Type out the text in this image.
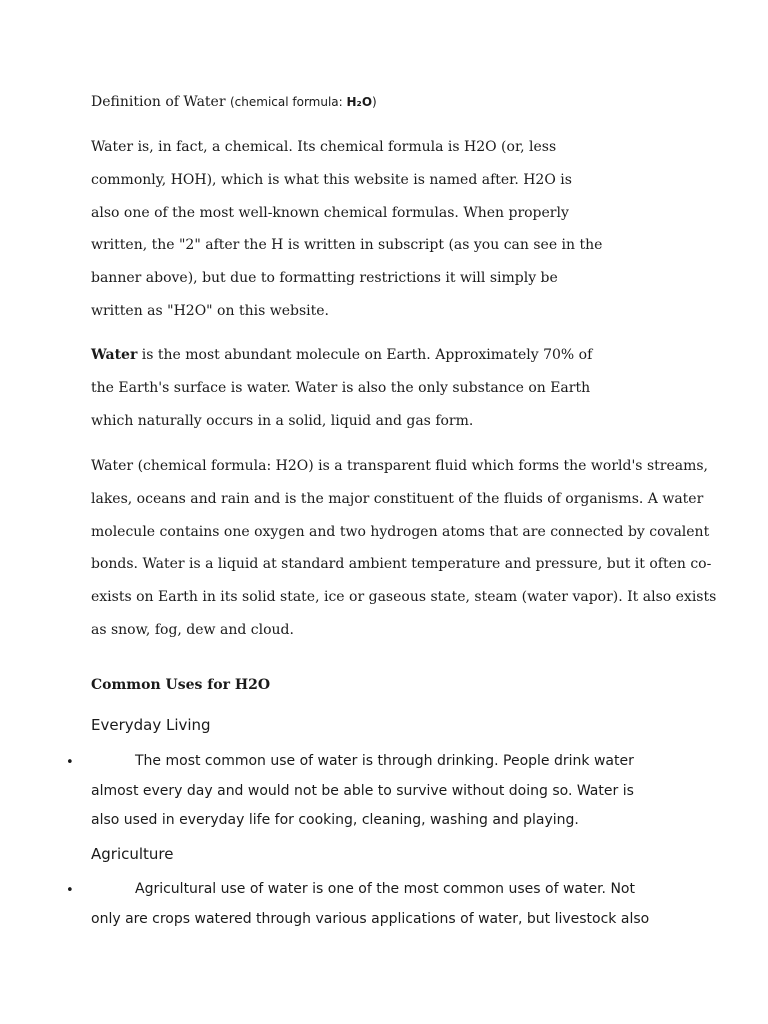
Definition of Water (chemical formula: H₂O)
Water is, in fact, a chemical. Its chemical formula is H2O (or, less
commonly, HOH), which is what this website is named after. H2O is
also one of the most well-known chemical formulas. When properly
written, the "2" after the H is written in subscript (as you can see in the
banner above), but due to formatting restrictions it will simply be
written as "H2O" on this website.
Water is the most abundant molecule on Earth. Approximately 70% of
the Earth's surface is water. Water is also the only substance on Earth
which naturally occurs in a solid, liquid and gas form.
Water (chemical formula: H2O) is a transparent fluid which forms the world's streams,
lakes, oceans and rain and is the major constituent of the fluids of organisms. A water
molecule contains one oxygen and two hydrogen atoms that are connected by covalent
bonds. Water is a liquid at standard ambient temperature and pressure, but it often co-
exists on Earth in its solid state, ice or gaseous state, steam (water vapor). It also exists
as snow, fog, dew and cloud.
Common Uses for H2O
Everyday Living
•	The most common use of water is through drinking. People drink water
almost every day and would not be able to survive without doing so. Water is
also used in everyday life for cooking, cleaning, washing and playing.
Agriculture
•	Agricultural use of water is one of the most common uses of water. Not
only are crops watered through various applications of water, but livestock also
